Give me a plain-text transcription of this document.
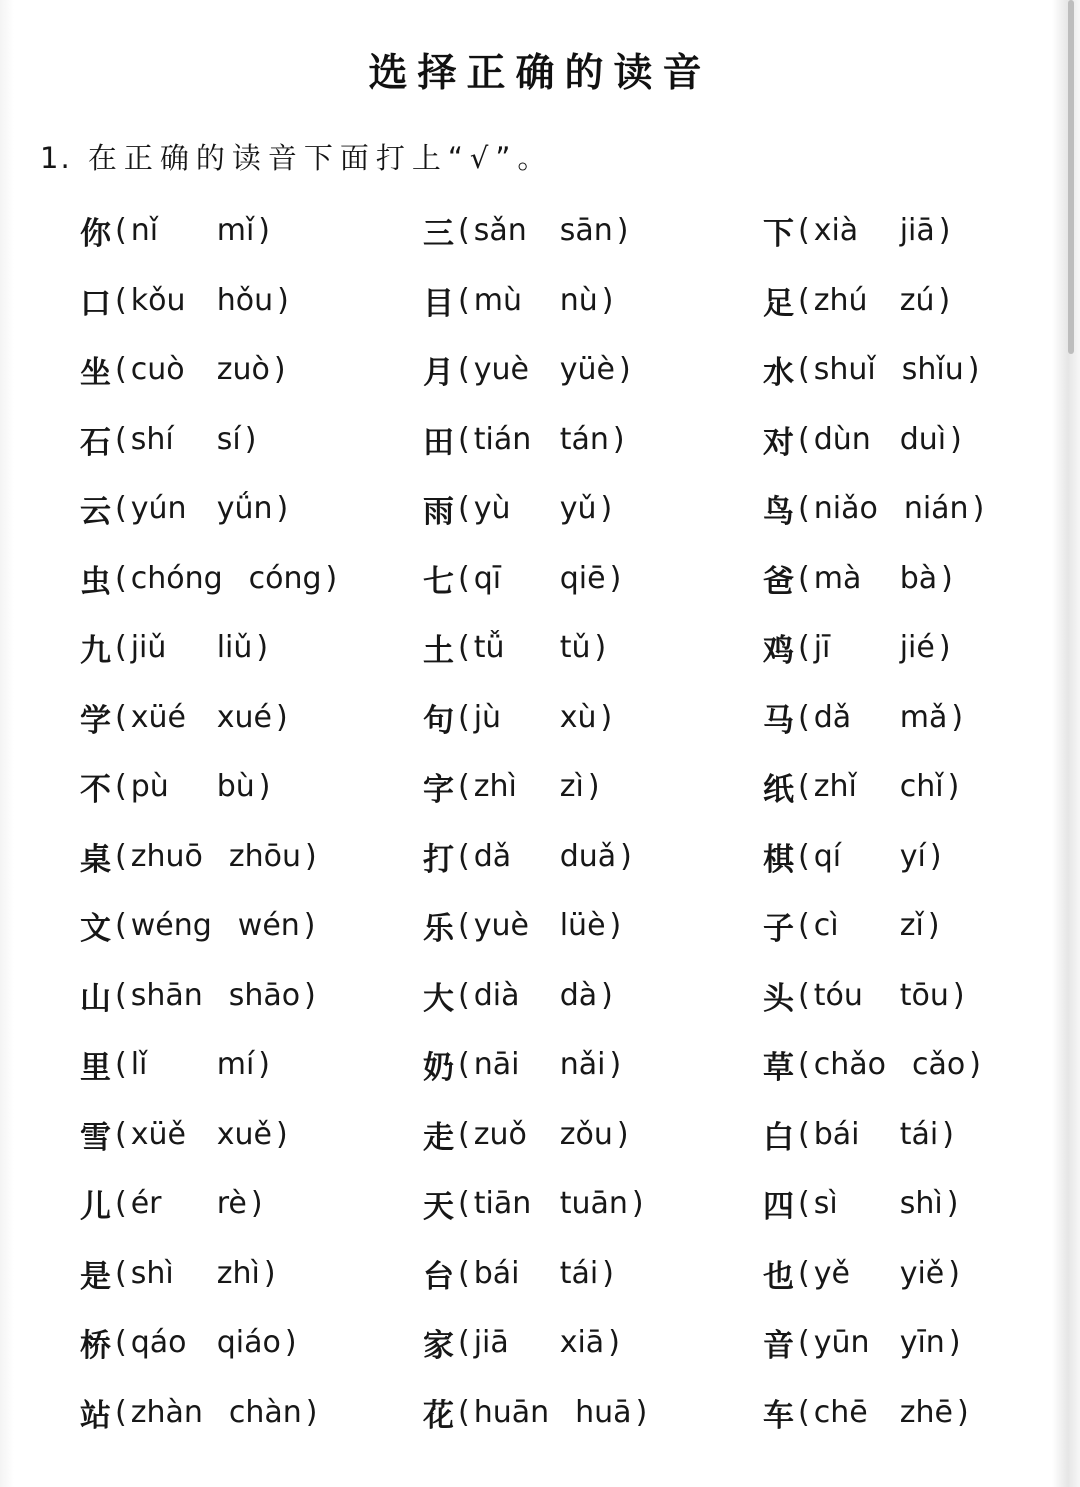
选择正确的读音
1. 在正确的读音下面打上“√”。
你 ( nǐ	mǐ )	三 ( sǎn sān )	下 ( xià	jiā )
口 ( kǒu hǒu )	目 ( mù	nù )	足 ( zhú zú )
坐 ( cuò zuò )	月 ( yuè yüè )	水 ( shuǐ shǐu )
石 ( shí	sí )	田 ( tián tán )	对 ( dùn duì )
云 ( yún yǘn )	雨 ( yù	yǔ )	鸟 ( niǎo nián )
虫 ( chóng cóng )	七 ( qī	qiē )	爸 ( mà	bà )
九 ( jiǔ	liǔ )	土 ( tǚ	tǔ )	鸡 ( jī	jié )
学 ( xüé xué )	句 ( jù	xù )	马 ( dǎ	mǎ )
不 ( pù	bù )	字 ( zhì	zì )	纸 ( zhǐ	chǐ )
桌 ( zhuō zhōu )	打 ( dǎ	duǎ )	棋 ( qí	yí )
文 ( wéng wén )	乐 ( yuè lüè )	子 ( cì	zǐ )
山 ( shān shāo )	大 ( dià	dà )	头 ( tóu	tōu )
里 ( lǐ	mí )	奶 ( nāi	nǎi )	草 ( chǎo cǎo )
雪 ( xüě xuě )	走 ( zuǒ zǒu )	白 ( bái	tái )
儿 ( ér	rè )	天 ( tiān tuān )	四 ( sì	shì )
是 ( shì	zhì )	台 ( bái	tái )	也 ( yě	yiě )
桥 ( qáo qiáo )	家 ( jiā	xiā )	音 ( yūn yīn )
站 ( zhàn chàn )	花 ( huān huā )	车 ( chē zhē )
